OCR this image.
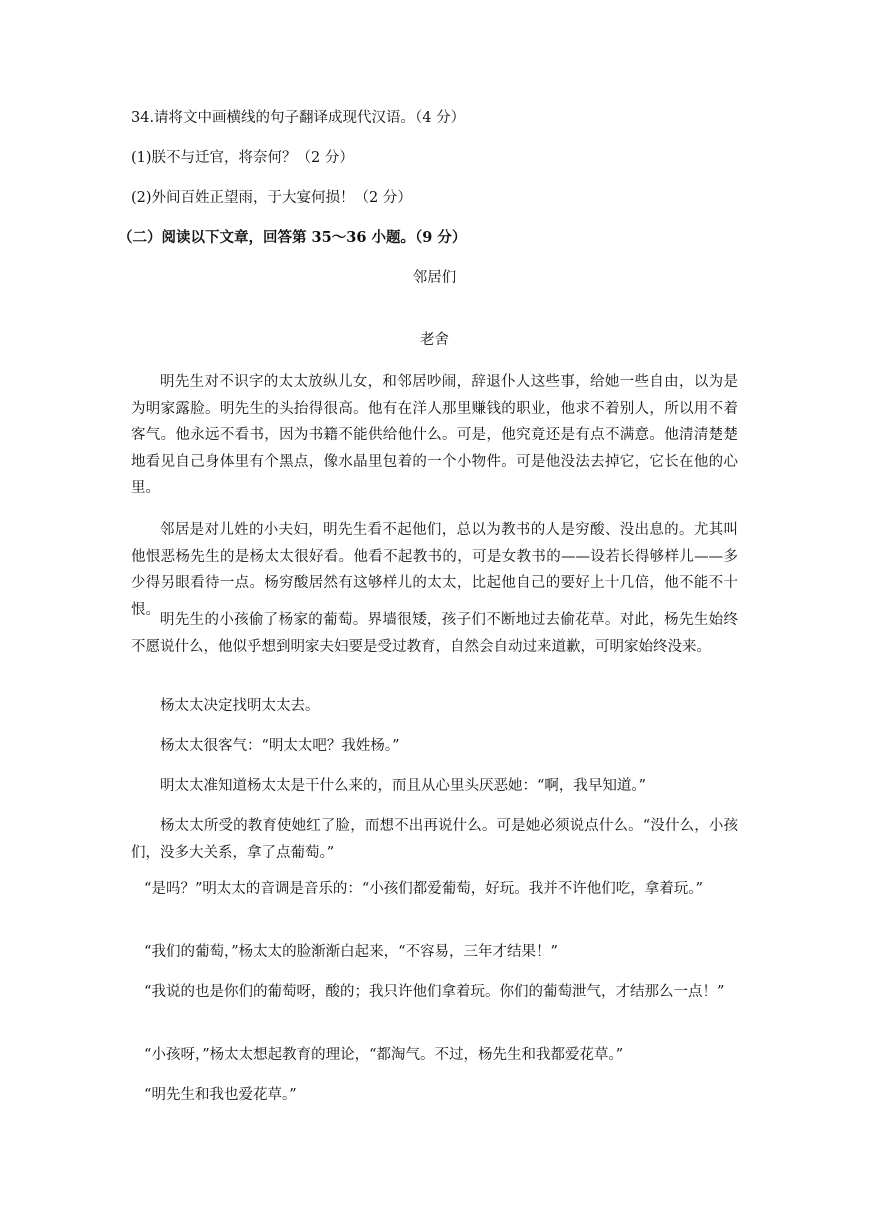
34.请将文中画横线的句子翻译成现代汉语。（4 分）
(1)朕不与迁官，将奈何？（2 分）
(2)外间百姓正望雨，于大宴何损！（2 分）
（二）阅读以下文章，回答第 35～36 小题。（9 分）
邻居们
老舍
明先生对不识字的太太放纵儿女，和邻居吵闹，辞退仆人这些事，给她一些自由，以为是为明家露脸。明先生的头抬得很高。他有在洋人那里赚钱的职业，他求不着别人，所以用不着客气。他永远不看书，因为书籍不能供给他什么。可是，他究竟还是有点不满意。他清清楚楚地看见自己身体里有个黑点，像水晶里包着的一个小物件。可是他没法去掉它，它长在他的心里。
邻居是对儿姓的小夫妇，明先生看不起他们，总以为教书的人是穷酸、没出息的。尤其叫他恨恶杨先生的是杨太太很好看。他看不起教书的，可是女教书的——设若长得够样儿——多少得另眼看待一点。杨穷酸居然有这够样儿的太太，比起他自己的要好上十几倍，他不能不十恨。
明先生的小孩偷了杨家的葡萄。界墙很矮，孩子们不断地过去偷花草。对此，杨先生始终不愿说什么，他似乎想到明家夫妇要是受过教育，自然会自动过来道歉，可明家始终没来。
杨太太决定找明太太去。
杨太太很客气：“明太太吧？我姓杨。”
明太太准知道杨太太是干什么来的，而且从心里头厌恶她：“啊，我早知道。”
杨太太所受的教育使她红了脸，而想不出再说什么。可是她必须说点什么。“没什么，小孩们，没多大关系，拿了点葡萄。”
“是吗？”明太太的音调是音乐的：“小孩们都爱葡萄，好玩。我并不许他们吃，拿着玩。”
“我们的葡萄，”杨太太的脸渐渐白起来，“不容易，三年才结果！”
“我说的也是你们的葡萄呀，酸的；我只许他们拿着玩。你们的葡萄泄气，才结那么一点！”
“小孩呀，”杨太太想起教育的理论，“都淘气。不过，杨先生和我都爱花草。”
“明先生和我也爱花草。”
